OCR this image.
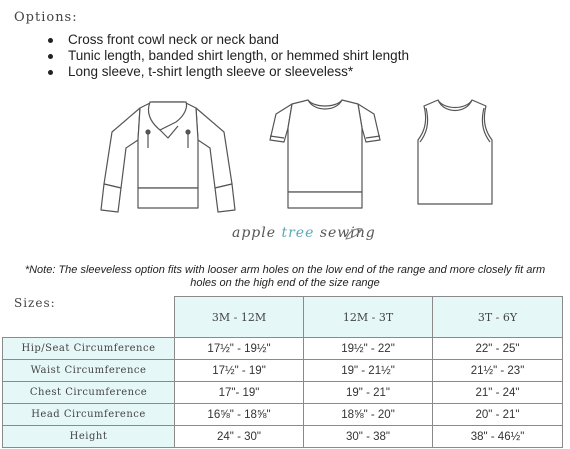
Options:
Cross front cowl neck or neck band
Tunic length, banded shirt length, or hemmed shirt length
Long sleeve, t-shirt length sleeve or sleeveless*
apple tree sewing

*Note: The sleeveless option fits with looser arm holes on the low end of the range and more closely fit arm holes on the high end of the size range

	3M - 12M	12M - 3T	3T - 6Y
Hip/Seat Circumference	17½" - 19½"	19½" - 22"	22" - 25"
Waist Circumference	17½" - 19"	19" - 21½"	21½" - 23"
Chest Circumference	17"- 19"	19" - 21"	21" - 24"
Head Circumference	16⅝" - 18⅝"	18⅝" - 20"	20" - 21"
Height	24" - 30"	30" - 38"	38" - 46½"
Sizes:
